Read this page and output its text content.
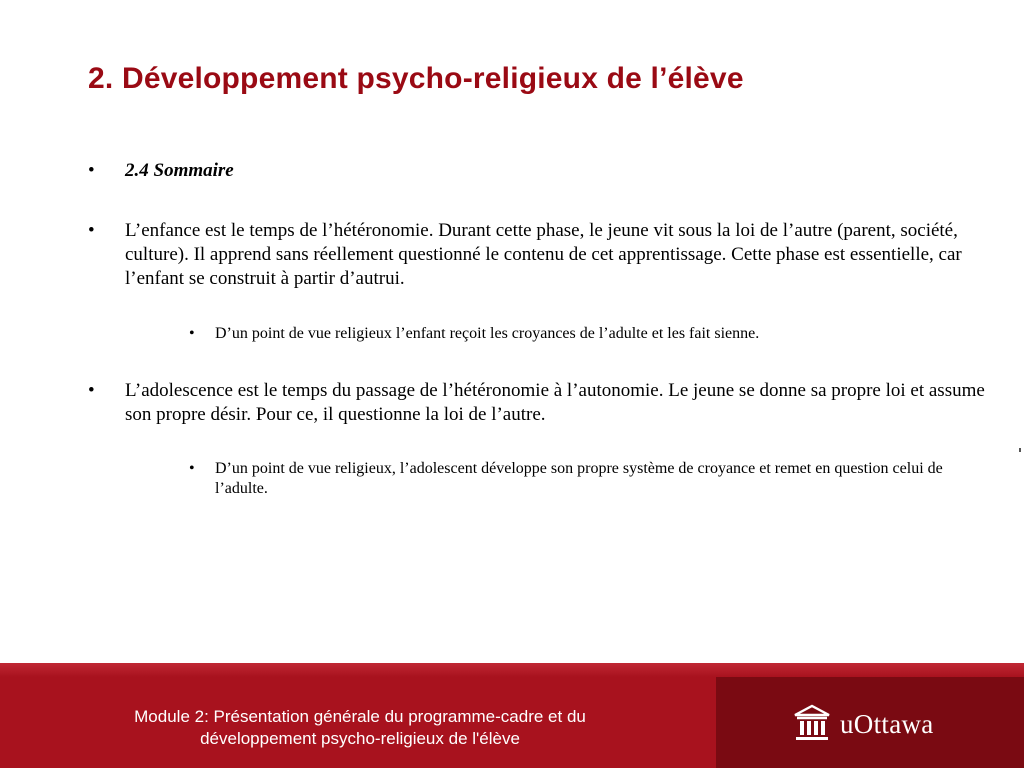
2. Développement psycho-religieux de l’élève
• 2.4 Sommaire
• L’enfance est le temps de l’hétéronomie. Durant cette phase, le jeune vit sous la loi de l’autre (parent, société, culture). Il apprend sans réellement questionné le contenu de cet apprentissage. Cette phase est essentielle, car l’enfant se construit à partir d’autrui.
• D’un point de vue religieux l’enfant reçoit les croyances de l’adulte et les fait sienne.
• L’adolescence est le temps du passage de l’hétéronomie à l’autonomie. Le jeune se donne sa propre loi et assume son propre désir. Pour ce, il questionne la loi de l’autre.
• D’un point de vue religieux, l’adolescent développe son propre système de croyance et remet en question celui de l’adulte.
Module 2: Présentation générale du programme-cadre et du
développement psycho-religieux de l'élève	uOttawa
